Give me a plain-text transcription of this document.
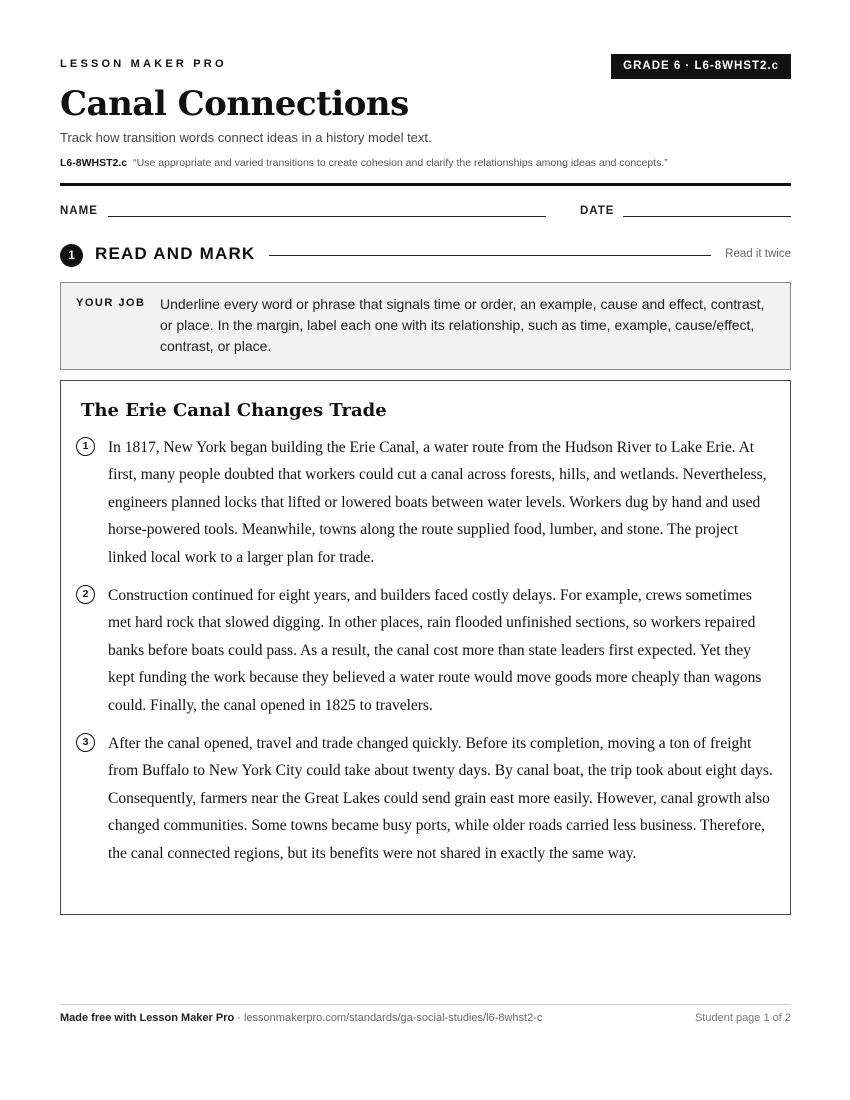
LESSON MAKER PRO	GRADE 6 · L6-8WHST2.c
Canal Connections
Track how transition words connect ideas in a history model text.
L6-8WHST2.c “Use appropriate and varied transitions to create cohesion and clarify the relationships among ideas and concepts.”
NAME	DATE
1	READ AND MARK	Read it twice
YOUR JOB Underline every word or phrase that signals time or order, an example, cause and effect, contrast, or place. In the margin, label each one with its relationship, such as time, example, cause/effect, contrast, or place.
The Erie Canal Changes Trade
1	In 1817, New York began building the Erie Canal, a water route from the Hudson River to Lake Erie. At first, many people doubted that workers could cut a canal across forests, hills, and wetlands. Nevertheless, engineers planned locks that lifted or lowered boats between water levels. Workers dug by hand and used horse-powered tools. Meanwhile, towns along the route supplied food, lumber, and stone. The project linked local work to a larger plan for trade.
2	Construction continued for eight years, and builders faced costly delays. For example, crews sometimes met hard rock that slowed digging. In other places, rain flooded unfinished sections, so workers repaired banks before boats could pass. As a result, the canal cost more than state leaders first expected. Yet they kept funding the work because they believed a water route would move goods more cheaply than wagons could. Finally, the canal opened in 1825 to travelers.
3	After the canal opened, travel and trade changed quickly. Before its completion, moving a ton of freight from Buffalo to New York City could take about twenty days. By canal boat, the trip took about eight days. Consequently, farmers near the Great Lakes could send grain east more easily. However, canal growth also changed communities. Some towns became busy ports, while older roads carried less business. Therefore, the canal connected regions, but its benefits were not shared in exactly the same way.
Made free with Lesson Maker Pro · lessonmakerpro.com/standards/ga-social-studies/l6-8whst2-c	Student page 1 of 2
